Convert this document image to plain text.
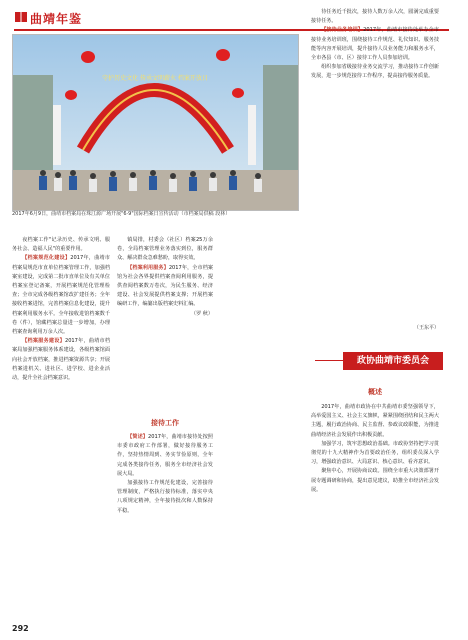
曲靖年鉴
守护历史文化 传承文明薪火 档案开放日
2017年6月9日，曲靖市档案局在珠江源广场开展"6·9"国际档案日宣传活动（市档案局供稿 段林）

夜档案工作"记录历史、传承文明、服务社会、造福人民"的重要作用。

【档案规范化建设】2017年，曲靖市档案局规范市直单位档案管理工作，加强档案室建设，完成第二批市直单位及有关单位档案室登记备案，开展档案规范化管理检查；全市完成各级档案馆改扩建任务；全年接收档案进馆，完善档案信息化建设，提升档案利用服务水平。全年接收进馆档案数千卷（件），馆藏档案总量进一步增加，办理档案查询利用万余人次。

【档案服务建设】2017年，曲靖市档案局加强档案服务体系建设，各级档案馆面向社会开放档案，推进档案资源共享；开展档案进机关、进社区、进学校、进企业活动，提升全社会档案意识。

镇局排，村委会（社区）档案25万余卷，全局档案管理业务落实到位，服务群众、解决群众急难愁盼，取得实效。

【档案利用服务】2017年，全市档案馆为社会各界提供档案查阅利用服务，提供查阅档案数万卷次，为民生服务、经济建设、社会发展提供档案支撑；开展档案编研工作，编纂出版档案史料汇编。

（罗 秋）

接待工作

【简述】2017年，曲靖市接待处按照市委市政府工作部署，做好接待服务工作，坚持热情周到、务实节俭原则，全年完成各类接待任务，服务全市经济社会发展大局。

加强接待工作规范化建设，完善接待管理制度，严格执行接待标准，落实中央八项规定精神，全年接待批次和人数保持平稳。

待任务近千批次，接待人数万余人次，圆满完成重要接待任务。

【接待业务培训】2017年，曲靖市接待处举办全市接待业务培训班，围绕接待工作规范、礼仪知识、服务技能等内容开展培训，提升接待人员业务能力和服务水平，全市各县（市、区）接待工作人员参加培训。

组织参加省级接待业务交流学习，推动接待工作创新发展，进一步规范接待工作程序，提高接待服务质量。

（王东平）
政协曲靖市委员会
概述

2017年，曲靖市政协在中共曲靖市委坚强领导下，高举爱国主义、社会主义旗帜，紧紧围绕团结和民主两大主题，履行政治协商、民主监督、参政议政职能，为推进曲靖经济社会发展作出积极贡献。

加强学习，筑牢思想政治基础。市政协坚持把学习贯彻党的十九大精神作为首要政治任务，组织委员深入学习，增强政治意识、大局意识、核心意识、看齐意识。

聚焦中心，开展协商议政。围绕全市重大决策部署开展专题调研和协商，提出意见建议，助推全市经济社会发展。

292
